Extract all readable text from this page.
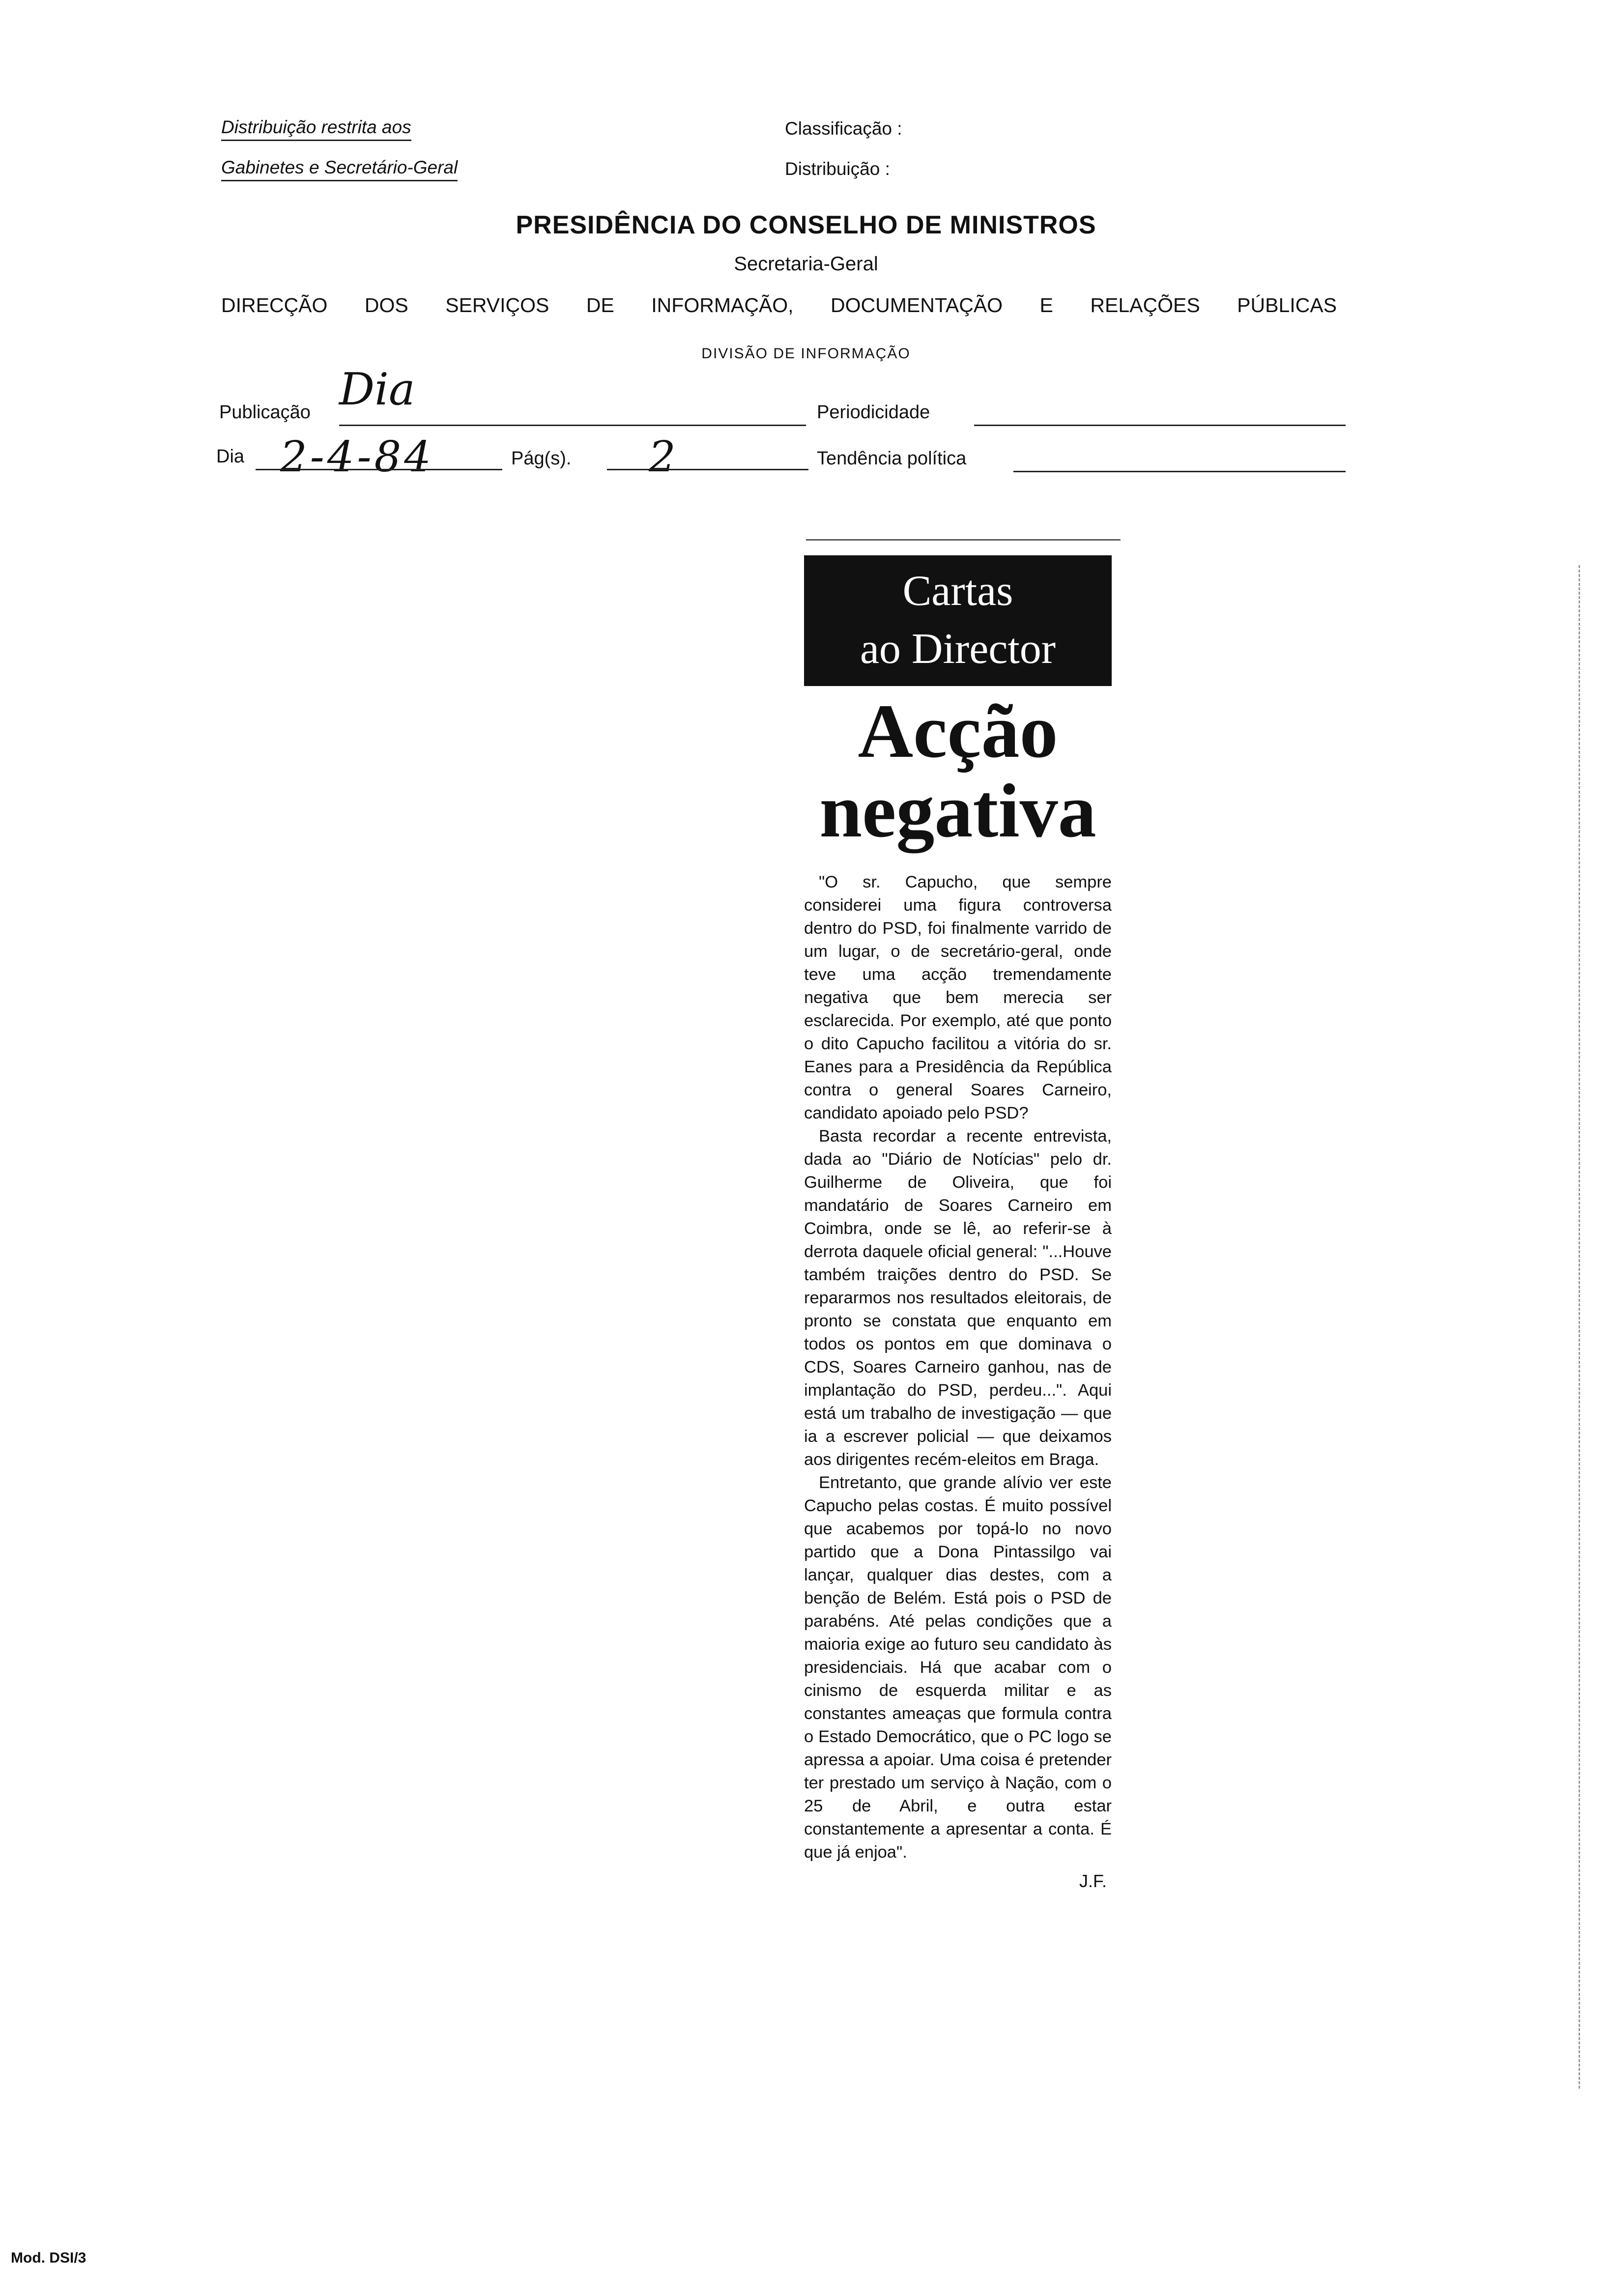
Distribuição restrita aos
Gabinetes e Secretário-Geral
Classificação :
Distribuição :
PRESIDÊNCIA DO CONSELHO DE MINISTROS
Secretaria-Geral
DIRECÇÃO DOS SERVIÇOS DE INFORMAÇÃO, DOCUMENTAÇÃO E RELAÇÕES PÚBLICAS
DIVISÃO DE INFORMAÇÃO
Publicação Dia	Periodicidade
Dia 2-4-84	Pág(s). 2	Tendência política
Cartas
ao Director
Acção
negativa

"O sr. Capucho, que sempre considerei uma figura controversa dentro do PSD, foi finalmente varrido de um lugar, o de secretário-geral, onde teve uma acção tremendamente negativa que bem merecia ser esclarecida. Por exemplo, até que ponto o dito Capucho facilitou a vitória do sr. Eanes para a Presidência da República contra o general Soares Carneiro, candidato apoiado pelo PSD?

Basta recordar a recente entrevista, dada ao "Diário de Notícias" pelo dr. Guilherme de Oliveira, que foi mandatário de Soares Carneiro em Coimbra, onde se lê, ao referir-se à derrota daquele oficial general: "...Houve também traições dentro do PSD. Se repararmos nos resultados eleitorais, de pronto se constata que enquanto em todos os pontos em que dominava o CDS, Soares Carneiro ganhou, nas de implantação do PSD, perdeu...". Aqui está um trabalho de investigação — que ia a escrever policial — que deixamos aos dirigentes recém-eleitos em Braga.

Entretanto, que grande alívio ver este Capucho pelas costas. É muito possível que acabemos por topá-lo no novo partido que a Dona Pintassilgo vai lançar, qualquer dias destes, com a benção de Belém. Está pois o PSD de parabéns. Até pelas condições que a maioria exige ao futuro seu candidato às presidenciais. Há que acabar com o cinismo de esquerda militar e as constantes ameaças que formula contra o Estado Democrático, que o PC logo se apressa a apoiar. Uma coisa é pretender ter prestado um serviço à Nação, com o 25 de Abril, e outra estar constantemente a apresentar a conta. É que já enjoa".

J.F.
Mod. DSI/3
